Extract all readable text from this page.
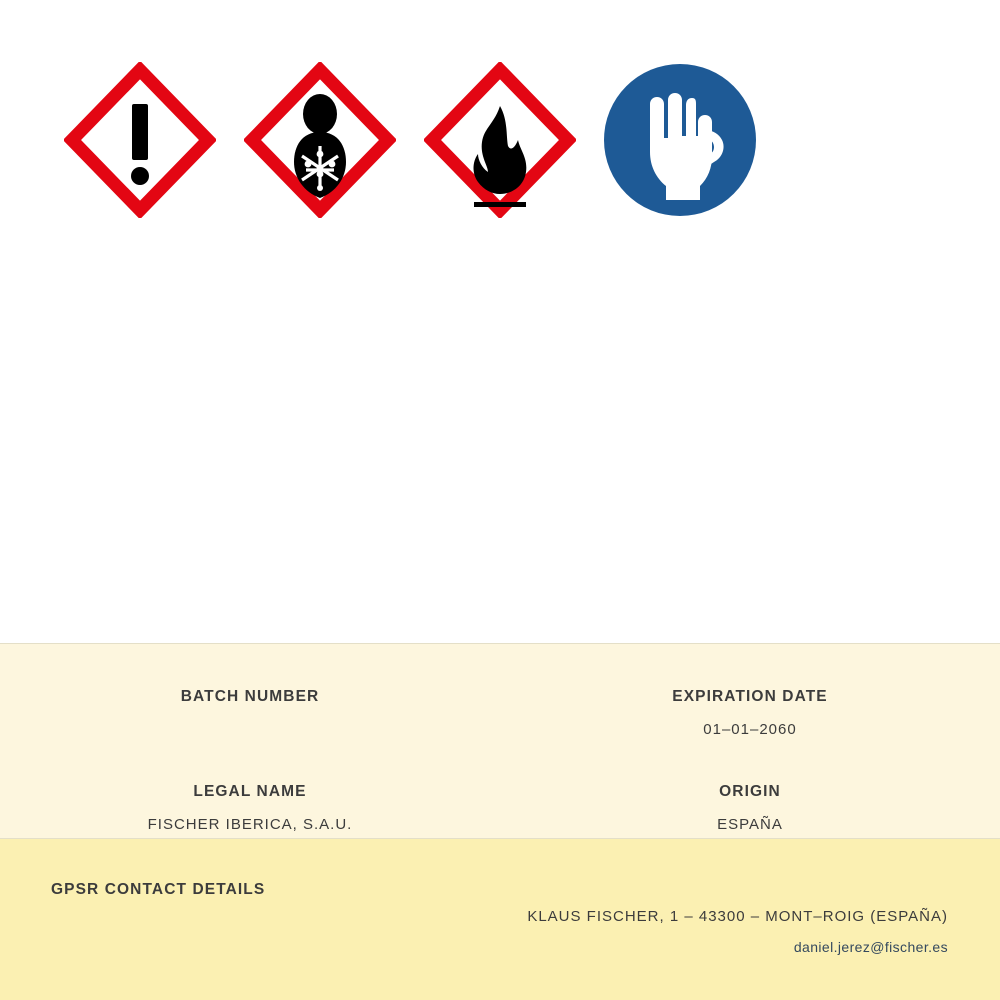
BATCH NUMBER	EXPIRATION DATE
01–01–2060
LEGAL NAME
FISCHER IBERICA, S.A.U.
ORIGIN
ESPAÑA
GPSR CONTACT DETAILS
KLAUS FISCHER, 1 – 43300 – MONT–ROIG (ESPAÑA)
daniel.jerez@fischer.es
